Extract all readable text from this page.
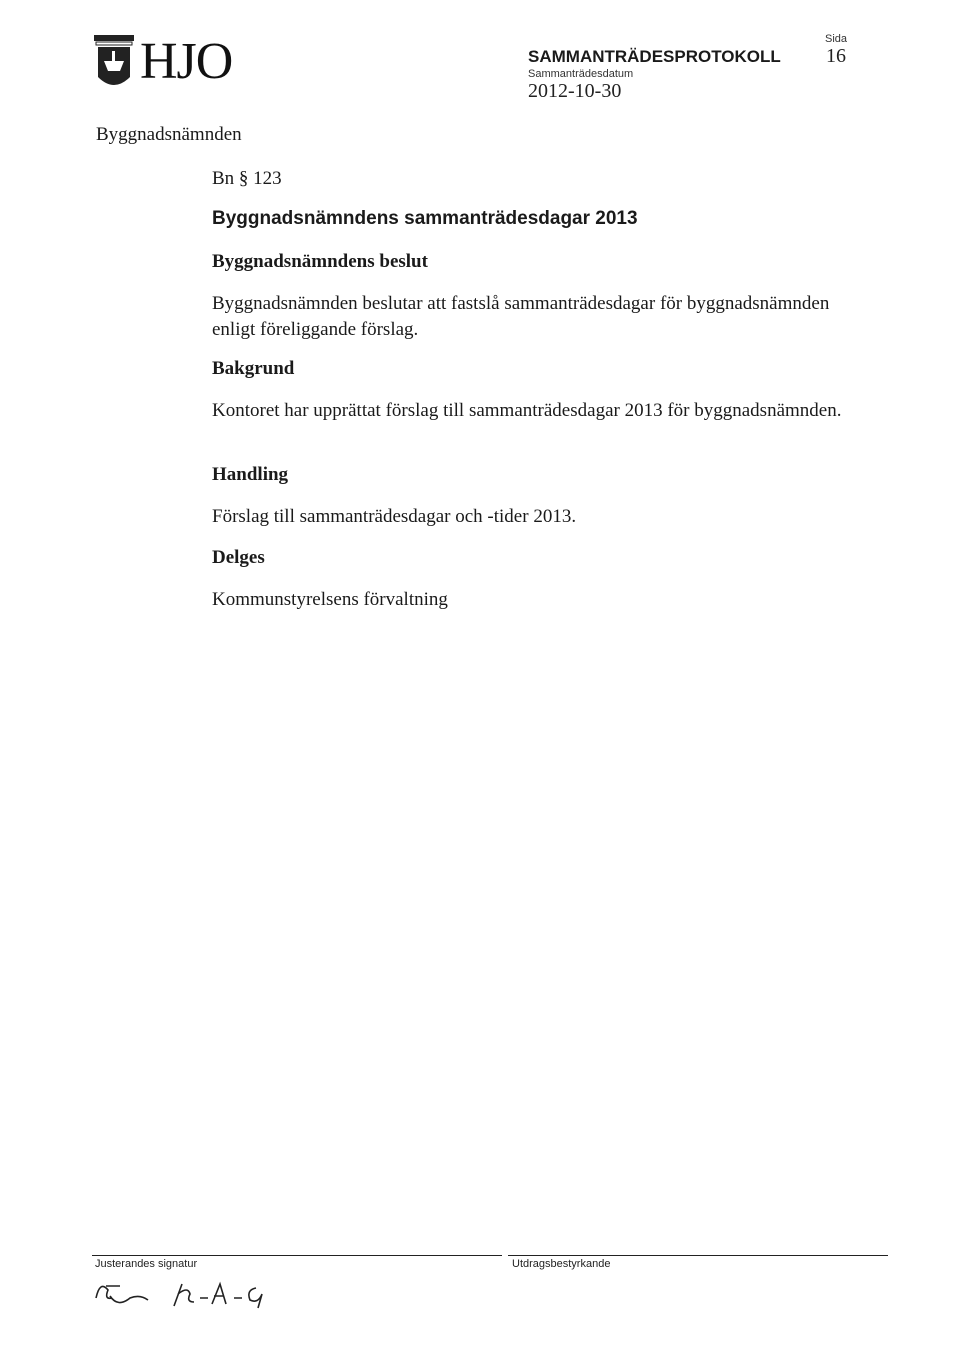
HJO	SAMMANTRÄDESPROTOKOLL
Sammanträdesdatum
2012-10-30
Sida
16
Byggnadsnämnden
Bn § 123
Byggnadsnämndens sammanträdesdagar 2013
Byggnadsnämndens beslut
Byggnadsnämnden beslutar att fastslå sammanträdesdagar för byggnadsnämnden enligt föreliggande förslag.
Bakgrund
Kontoret har upprättat förslag till sammanträdesdagar 2013 för byggnadsnämnden.
Handling
Förslag till sammanträdesdagar och -tider 2013.
Delges
Kommunstyrelsens förvaltning
Justerandes signatur	Utdragsbestyrkande
